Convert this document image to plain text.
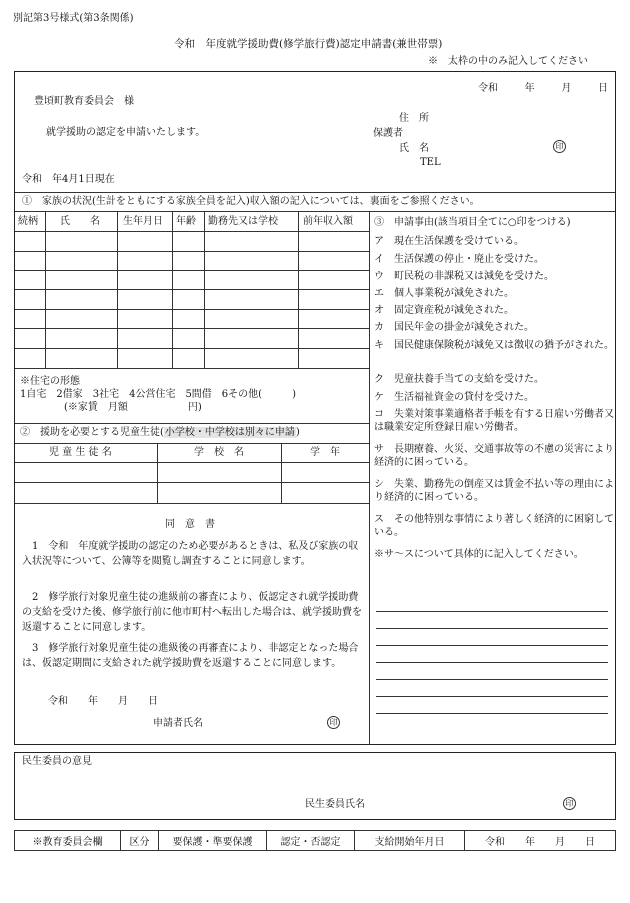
別記第3号様式(第3条関係)
令和　年度就学援助費(修学旅行費)認定申請書(兼世帯票)
※　太枠の中のみ記入してください
令和	年	月	日
豊頃町教育委員会　様
就学援助の認定を申請いたします。
住　所
保護者
氏　名	印
TEL
令和　年4月1日現在
①　家族の状況(生計をともにする家族全員を記入)収入額の記入については、裏面をご参照ください。
続柄 氏　　名 生年月日 年齢 勤務先又は学校	前年収入額
※住宅の形態
1自宅　2借家　3社宅　4公営住宅　5間借　6その他(　　　)
(※家賃　月額　　　　　　円)
②　援助を必要とする児童生徒(小学校・中学校は別々に申請)
児 童 生 徒 名	学　校　名	学　年
同　意　書
1　令和　年度就学援助の認定のため必要があるときは、私及び家族の収入状況等について、公簿等を閲覧し調査することに同意します。
2　修学旅行対象児童生徒の進級前の審査により、仮認定され就学援助費の支給を受けた後、修学旅行前に他市町村へ転出した場合は、就学援助費を返還することに同意します。
3　修学旅行対象児童生徒の進級後の再審査により、非認定となった場合は、仮認定期間に支給された就学援助費を返還することに同意します。
令和　　年　　月　　日
申請者氏名	印
③　申請事由(該当項目全てに○印をつける)
ア　現在生活保護を受けている。
イ　生活保護の停止・廃止を受けた。
ウ　町民税の非課税又は減免を受けた。
エ　個人事業税が減免された。
オ　固定資産税が減免された。
カ　国民年金の掛金が減免された。
キ　国民健康保険税が減免又は徴収の猶予がされた。
ク　児童扶養手当ての支給を受けた。
ケ　生活福祉資金の貸付を受けた。
コ　失業対策事業適格者手帳を有する日雇い労働者又は職業安定所登録日雇い労働者。
サ　長期療養、火災、交通事故等の不慮の災害により経済的に困っている。
シ　失業、勤務先の倒産又は賃金不払い等の理由により経済的に困っている。
ス　その他特別な事情により著しく経済的に困窮している。
※サ～スについて具体的に記入してください。
民生委員の意見
民生委員氏名	印
※教育委員会欄	区分	要保護・準要保護	認定・否認定	支給開始年月日	令和　　年　　月　　日
